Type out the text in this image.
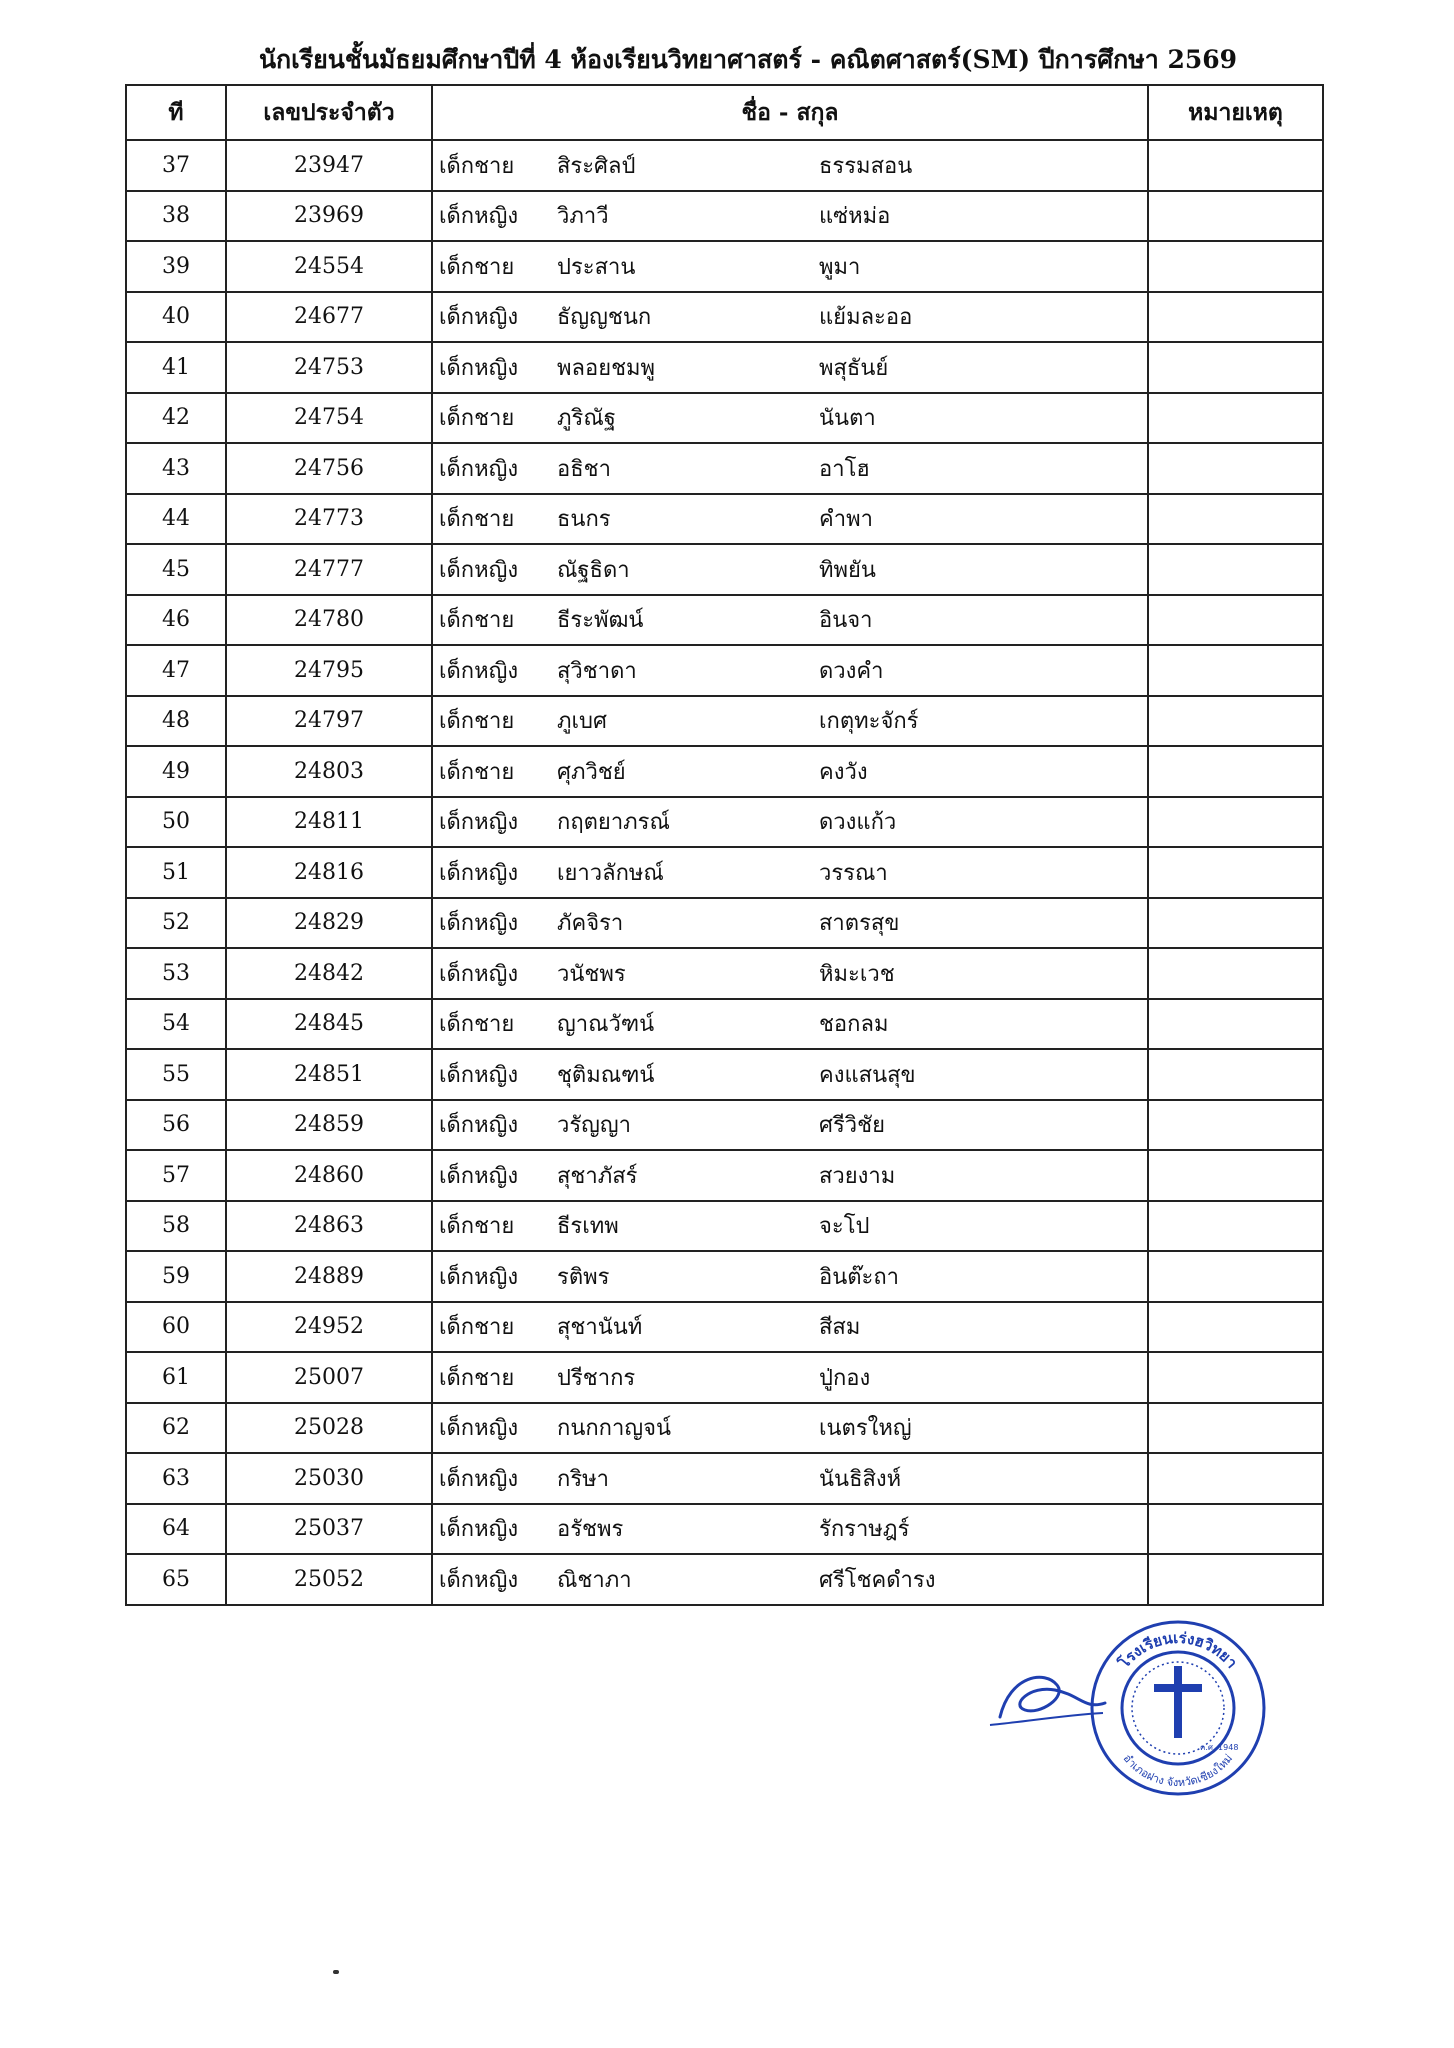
นักเรียนชั้นมัธยมศึกษาปีที่ 4 ห้องเรียนวิทยาศาสตร์ - คณิตศาสตร์(SM) ปีการศึกษา 2569
ที	เลขประจำตัว	ชื่อ - สกุล	หมายเหตุ
37	23947	เด็กชาย สิระศิลป์ ธรรมสอน	
38	23969	เด็กหญิง วิภาวี แซ่หม่อ	
39	24554	เด็กชาย ประสาน พูมา	
40	24677	เด็กหญิง ธัญญชนก แย้มละออ	
41	24753	เด็กหญิง พลอยชมพู พสุธันย์	
42	24754	เด็กชาย ภูริณัฐ นันตา	
43	24756	เด็กหญิง อธิชา อาโฮ	
44	24773	เด็กชาย ธนกร คำพา	
45	24777	เด็กหญิง ณัฐธิดา ทิพยัน	
46	24780	เด็กชาย ธีระพัฒน์ อินจา	
47	24795	เด็กหญิง สุวิชาดา ดวงคำ	
48	24797	เด็กชาย ภูเบศ เกตุทะจักร์	
49	24803	เด็กชาย ศุภวิชย์ คงวัง	
50	24811	เด็กหญิง กฤตยาภรณ์ ดวงแก้ว	
51	24816	เด็กหญิง เยาวลักษณ์ วรรณา	
52	24829	เด็กหญิง ภัคจิรา สาตรสุข	
53	24842	เด็กหญิง วนัชพร หิมะเวช	
54	24845	เด็กชาย ญาณวัฑน์ ชอกลม	
55	24851	เด็กหญิง ชุติมณฑน์ คงแสนสุข	
56	24859	เด็กหญิง วรัญญา ศรีวิชัย	
57	24860	เด็กหญิง สุชาภัสร์ สวยงาม	
58	24863	เด็กชาย ธีรเทพ จะโป	
59	24889	เด็กหญิง รติพร อินต๊ะถา	
60	24952	เด็กชาย สุชานันท์ สีสม	
61	25007	เด็กชาย ปรีชากร ปู่กอง	
62	25028	เด็กหญิง กนกกาญจน์ เนตรใหญ่	
63	25030	เด็กหญิง กริษา นันธิสิงห์	
64	25037	เด็กหญิง อรัชพร รักราษฎร์	
65	25052	เด็กหญิง ณิชาภา ศรีโชคดำรง	
โรงเรียนเร่งฮวิทยา
อำเภอฝาง จังหวัดเชียงใหม่
ค.ศ. 1948
